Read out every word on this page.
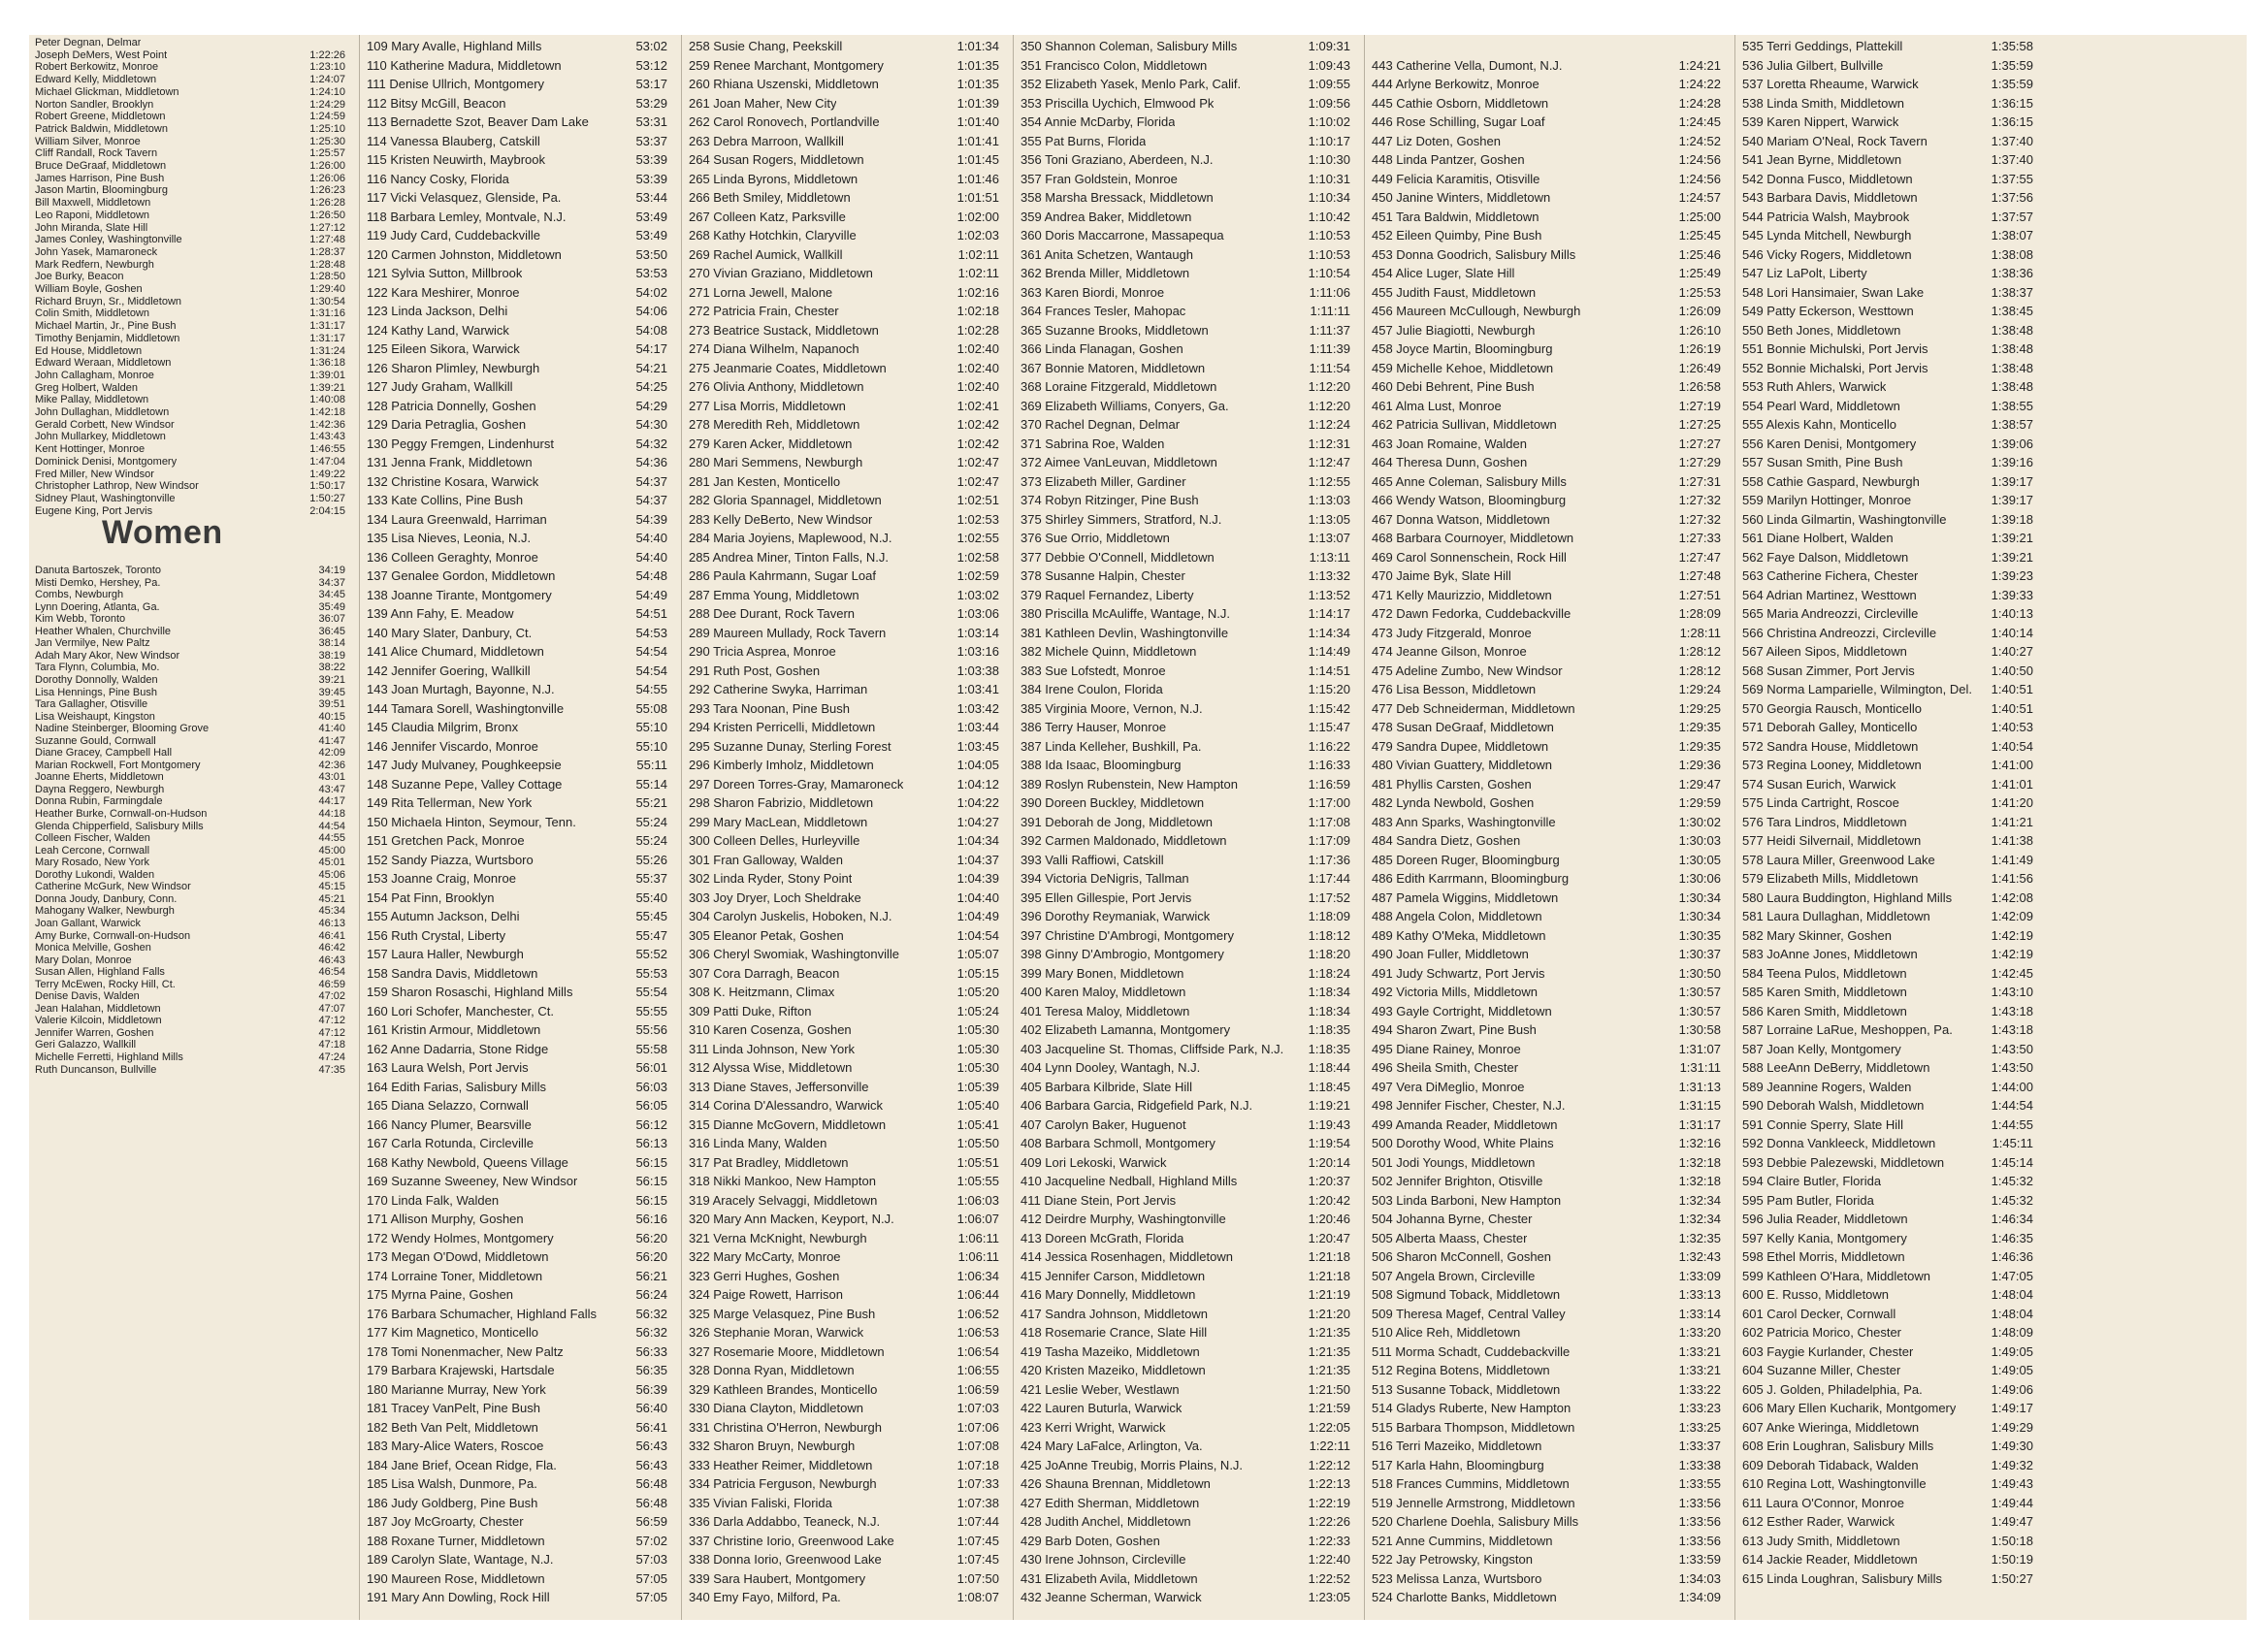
Peter Degnan, Delmar
Joseph DeMers, West Point	1:22:26
Robert Berkowitz, Monroe	1:23:10
Edward Kelly, Middletown	1:24:07
Michael Glickman, Middletown	1:24:10
Norton Sandler, Brooklyn	1:24:29
Robert Greene, Middletown	1:24:59
Patrick Baldwin, Middletown	1:25:10
William Silver, Monroe	1:25:30
Cliff Randall, Rock Tavern	1:25:57
Bruce DeGraaf, Middletown	1:26:00
James Harrison, Pine Bush	1:26:06
Jason Martin, Bloomingburg	1:26:23
Bill Maxwell, Middletown	1:26:28
Leo Raponi, Middletown	1:26:50
John Miranda, Slate Hill	1:27:12
James Conley, Washingtonville	1:27:48
John Yasek, Mamaroneck	1:28:37
Mark Redfern, Newburgh	1:28:48
Joe Burky, Beacon	1:28:50
William Boyle, Goshen	1:29:40
Richard Bruyn, Sr., Middletown	1:30:54
Colin Smith, Middletown	1:31:16
Michael Martin, Jr., Pine Bush	1:31:17
Timothy Benjamin, Middletown	1:31:17
Ed House, Middletown	1:31:24
Edward Weraan, Middletown	1:36:18
John Callagham, Monroe	1:39:01
Greg Holbert, Walden	1:39:21
Mike Pallay, Middletown	1:40:08
John Dullaghan, Middletown	1:42:18
Gerald Corbett, New Windsor	1:42:36
John Mullarkey, Middletown	1:43:43
Kent Hottinger, Monroe	1:46:55
Dominick Denisi, Montgomery	1:47:04
Fred Miller, New Windsor	1:49:22
Christopher Lathrop, New Windsor	1:50:17
Sidney Plaut, Washingtonville	1:50:27
Eugene King, Port Jervis	2:04:15
Women
Danuta Bartoszek, Toronto	34:19
Misti Demko, Hershey, Pa.	34:37
Combs, Newburgh	34:45
Lynn Doering, Atlanta, Ga.	35:49
Kim Webb, Toronto	36:07
Heather Whalen, Churchville	36:45
Jan Vermilye, New Paltz	38:14
Adah Mary Akor, New Windsor	38:19
Tara Flynn, Columbia, Mo.	38:22
Dorothy Donnolly, Walden	39:21
Lisa Hennings, Pine Bush	39:45
Tara Gallagher, Otisville	39:51
Lisa Weishaupt, Kingston	40:15
Nadine Steinberger, Blooming Grove	41:40
Suzanne Gould, Cornwall	41:47
Diane Gracey, Campbell Hall	42:09
Marian Rockwell, Fort Montgomery	42:36
Joanne Eherts, Middletown	43:01
Dayna Reggero, Newburgh	43:47
Donna Rubin, Farmingdale	44:17
Heather Burke, Cornwall-on-Hudson	44:18
Glenda Chipperfield, Salisbury Mills	44:54
Colleen Fischer, Walden	44:55
Leah Cercone, Cornwall	45:00
Mary Rosado, New York	45:01
Dorothy Lukondi, Walden	45:06
Catherine McGurk, New Windsor	45:15
Donna Joudy, Danbury, Conn.	45:21
Mahogany Walker, Newburgh	45:34
Joan Gallant, Warwick	46:13
Amy Burke, Cornwall-on-Hudson	46:41
Monica Melville, Goshen	46:42
Mary Dolan, Monroe	46:43
Susan Allen, Highland Falls	46:54
Terry McEwen, Rocky Hill, Ct.	46:59
Denise Davis, Walden	47:02
Jean Halahan, Middletown	47:07
Valerie Kilcoin, Middletown	47:12
Jennifer Warren, Goshen	47:12
Geri Galazzo, Wallkill	47:18
Michelle Ferretti, Highland Mills	47:24
Ruth Duncanson, Bullville	47:35
109 Mary Avalle, Highland Mills	53:02
110 Katherine Madura, Middletown	53:12
111 Denise Ullrich, Montgomery	53:17
112 Bitsy McGill, Beacon	53:29
113 Bernadette Szot, Beaver Dam Lake	53:31
114 Vanessa Blauberg, Catskill	53:37
115 Kristen Neuwirth, Maybrook	53:39
116 Nancy Cosky, Florida	53:39
117 Vicki Velasquez, Glenside, Pa.	53:44
118 Barbara Lemley, Montvale, N.J.	53:49
119 Judy Card, Cuddebackville	53:49
120 Carmen Johnston, Middletown	53:50
121 Sylvia Sutton, Millbrook	53:53
122 Kara Meshirer, Monroe	54:02
123 Linda Jackson, Delhi	54:06
124 Kathy Land, Warwick	54:08
125 Eileen Sikora, Warwick	54:17
126 Sharon Plimley, Newburgh	54:21
127 Judy Graham, Wallkill	54:25
128 Patricia Donnelly, Goshen	54:29
129 Daria Petraglia, Goshen	54:30
130 Peggy Fremgen, Lindenhurst	54:32
131 Jenna Frank, Middletown	54:36
132 Christine Kosara, Warwick	54:37
133 Kate Collins, Pine Bush	54:37
134 Laura Greenwald, Harriman	54:39
135 Lisa Nieves, Leonia, N.J.	54:40
136 Colleen Geraghty, Monroe	54:40
137 Genalee Gordon, Middletown	54:48
138 Joanne Tirante, Montgomery	54:49
139 Ann Fahy, E. Meadow	54:51
140 Mary Slater, Danbury, Ct.	54:53
141 Alice Chumard, Middletown	54:54
142 Jennifer Goering, Wallkill	54:54
143 Joan Murtagh, Bayonne, N.J.	54:55
144 Tamara Sorell, Washingtonville	55:08
145 Claudia Milgrim, Bronx	55:10
146 Jennifer Viscardo, Monroe	55:10
147 Judy Mulvaney, Poughkeepsie	55:11
148 Suzanne Pepe, Valley Cottage	55:14
149 Rita Tellerman, New York	55:21
150 Michaela Hinton, Seymour, Tenn.	55:24
151 Gretchen Pack, Monroe	55:24
152 Sandy Piazza, Wurtsboro	55:26
153 Joanne Craig, Monroe	55:37
154 Pat Finn, Brooklyn	55:40
155 Autumn Jackson, Delhi	55:45
156 Ruth Crystal, Liberty	55:47
157 Laura Haller, Newburgh	55:52
158 Sandra Davis, Middletown	55:53
159 Sharon Rosaschi, Highland Mills	55:54
160 Lori Schofer, Manchester, Ct.	55:55
161 Kristin Armour, Middletown	55:56
162 Anne Dadarria, Stone Ridge	55:58
163 Laura Welsh, Port Jervis	56:01
164 Edith Farias, Salisbury Mills	56:03
165 Diana Selazzo, Cornwall	56:05
166 Nancy Plumer, Bearsville	56:12
167 Carla Rotunda, Circleville	56:13
168 Kathy Newbold, Queens Village	56:15
169 Suzanne Sweeney, New Windsor	56:15
170 Linda Falk, Walden	56:15
171 Allison Murphy, Goshen	56:16
172 Wendy Holmes, Montgomery	56:20
173 Megan O'Dowd, Middletown	56:20
174 Lorraine Toner, Middletown	56:21
175 Myrna Paine, Goshen	56:24
176 Barbara Schumacher, Highland Falls	56:32
177 Kim Magnetico, Monticello	56:32
178 Tomi Nonenmacher, New Paltz	56:33
179 Barbara Krajewski, Hartsdale	56:35
180 Marianne Murray, New York	56:39
181 Tracey VanPelt, Pine Bush	56:40
182 Beth Van Pelt, Middletown	56:41
183 Mary-Alice Waters, Roscoe	56:43
184 Jane Brief, Ocean Ridge, Fla.	56:43
185 Lisa Walsh, Dunmore, Pa.	56:48
186 Judy Goldberg, Pine Bush	56:48
187 Joy McGroarty, Chester	56:59
188 Roxane Turner, Middletown	57:02
189 Carolyn Slate, Wantage, N.J.	57:03
190 Maureen Rose, Middletown	57:05
191 Mary Ann Dowling, Rock Hill	57:05
258 Susie Chang, Peekskill	1:01:34
259 Renee Marchant, Montgomery	1:01:35
260 Rhiana Uszenski, Middletown	1:01:35
261 Joan Maher, New City	1:01:39
262 Carol Ronovech, Portlandville	1:01:40
263 Debra Marroon, Wallkill	1:01:41
264 Susan Rogers, Middletown	1:01:45
265 Linda Byrons, Middletown	1:01:46
266 Beth Smiley, Middletown	1:01:51
267 Colleen Katz, Parksville	1:02:00
268 Kathy Hotchkin, Claryville	1:02:03
269 Rachel Aumick, Wallkill	1:02:11
270 Vivian Graziano, Middletown	1:02:11
271 Lorna Jewell, Malone	1:02:16
272 Patricia Frain, Chester	1:02:18
273 Beatrice Sustack, Middletown	1:02:28
274 Diana Wilhelm, Napanoch	1:02:40
275 Jeanmarie Coates, Middletown	1:02:40
276 Olivia Anthony, Middletown	1:02:40
277 Lisa Morris, Middletown	1:02:41
278 Meredith Reh, Middletown	1:02:42
279 Karen Acker, Middletown	1:02:42
280 Mari Semmens, Newburgh	1:02:47
281 Jan Kesten, Monticello	1:02:47
282 Gloria Spannagel, Middletown	1:02:51
283 Kelly DeBerto, New Windsor	1:02:53
284 Maria Joyiens, Maplewood, N.J.	1:02:55
285 Andrea Miner, Tinton Falls, N.J.	1:02:58
286 Paula Kahrmann, Sugar Loaf	1:02:59
287 Emma Young, Middletown	1:03:02
288 Dee Durant, Rock Tavern	1:03:06
289 Maureen Mullady, Rock Tavern	1:03:14
290 Tricia Asprea, Monroe	1:03:16
291 Ruth Post, Goshen	1:03:38
292 Catherine Swyka, Harriman	1:03:41
293 Tara Noonan, Pine Bush	1:03:42
294 Kristen Perricelli, Middletown	1:03:44
295 Suzanne Dunay, Sterling Forest	1:03:45
296 Kimberly Imholz, Middletown	1:04:05
297 Doreen Torres-Gray, Mamaroneck	1:04:12
298 Sharon Fabrizio, Middletown	1:04:22
299 Mary MacLean, Middletown	1:04:27
300 Colleen Delles, Hurleyville	1:04:34
301 Fran Galloway, Walden	1:04:37
302 Linda Ryder, Stony Point	1:04:39
303 Joy Dryer, Loch Sheldrake	1:04:40
304 Carolyn Juskelis, Hoboken, N.J.	1:04:49
305 Eleanor Petak, Goshen	1:04:54
306 Cheryl Swomiak, Washingtonville	1:05:07
307 Cora Darragh, Beacon	1:05:15
308 K. Heitzmann, Climax	1:05:20
309 Patti Duke, Rifton	1:05:24
310 Karen Cosenza, Goshen	1:05:30
311 Linda Johnson, New York	1:05:30
312 Alyssa Wise, Middletown	1:05:30
313 Diane Staves, Jeffersonville	1:05:39
314 Corina D'Alessandro, Warwick	1:05:40
315 Dianne McGovern, Middletown	1:05:41
316 Linda Many, Walden	1:05:50
317 Pat Bradley, Middletown	1:05:51
318 Nikki Mankoo, New Hampton	1:05:55
319 Aracely Selvaggi, Middletown	1:06:03
320 Mary Ann Macken, Keyport, N.J.	1:06:07
321 Verna McKnight, Newburgh	1:06:11
322 Mary McCarty, Monroe	1:06:11
323 Gerri Hughes, Goshen	1:06:34
324 Paige Rowett, Harrison	1:06:44
325 Marge Velasquez, Pine Bush	1:06:52
326 Stephanie Moran, Warwick	1:06:53
327 Rosemarie Moore, Middletown	1:06:54
328 Donna Ryan, Middletown	1:06:55
329 Kathleen Brandes, Monticello	1:06:59
330 Diana Clayton, Middletown	1:07:03
331 Christina O'Herron, Newburgh	1:07:06
332 Sharon Bruyn, Newburgh	1:07:08
333 Heather Reimer, Middletown	1:07:18
334 Patricia Ferguson, Newburgh	1:07:33
335 Vivian Faliski, Florida	1:07:38
336 Darla Addabbo, Teaneck, N.J.	1:07:44
337 Christine Iorio, Greenwood Lake	1:07:45
338 Donna Iorio, Greenwood Lake	1:07:45
339 Sara Haubert, Montgomery	1:07:50
340 Emy Fayo, Milford, Pa.	1:08:07
350 Shannon Coleman, Salisbury Mills	1:09:31
351 Francisco Colon, Middletown	1:09:43
352 Elizabeth Yasek, Menlo Park, Calif.	1:09:55
353 Priscilla Uychich, Elmwood Pk	1:09:56
354 Annie McDarby, Florida	1:10:02
355 Pat Burns, Florida	1:10:17
356 Toni Graziano, Aberdeen, N.J.	1:10:30
357 Fran Goldstein, Monroe	1:10:31
358 Marsha Bressack, Middletown	1:10:34
359 Andrea Baker, Middletown	1:10:42
360 Doris Maccarrone, Massapequa	1:10:53
361 Anita Schetzen, Wantaugh	1:10:53
362 Brenda Miller, Middletown	1:10:54
363 Karen Biordi, Monroe	1:11:06
364 Frances Tesler, Mahopac	1:11:11
365 Suzanne Brooks, Middletown	1:11:37
366 Linda Flanagan, Goshen	1:11:39
367 Bonnie Matoren, Middletown	1:11:54
368 Loraine Fitzgerald, Middletown	1:12:20
369 Elizabeth Williams, Conyers, Ga.	1:12:20
370 Rachel Degnan, Delmar	1:12:24
371 Sabrina Roe, Walden	1:12:31
372 Aimee VanLeuvan, Middletown	1:12:47
373 Elizabeth Miller, Gardiner	1:12:55
374 Robyn Ritzinger, Pine Bush	1:13:03
375 Shirley Simmers, Stratford, N.J.	1:13:05
376 Sue Orrio, Middletown	1:13:07
377 Debbie O'Connell, Middletown	1:13:11
378 Susanne Halpin, Chester	1:13:32
379 Raquel Fernandez, Liberty	1:13:52
380 Priscilla McAuliffe, Wantage, N.J.	1:14:17
381 Kathleen Devlin, Washingtonville	1:14:34
382 Michele Quinn, Middletown	1:14:49
383 Sue Lofstedt, Monroe	1:14:51
384 Irene Coulon, Florida	1:15:20
385 Virginia Moore, Vernon, N.J.	1:15:42
386 Terry Hauser, Monroe	1:15:47
387 Linda Kelleher, Bushkill, Pa.	1:16:22
388 Ida Isaac, Bloomingburg	1:16:33
389 Roslyn Rubenstein, New Hampton	1:16:59
390 Doreen Buckley, Middletown	1:17:00
391 Deborah de Jong, Middletown	1:17:08
392 Carmen Maldonado, Middletown	1:17:09
393 Valli Raffiowi, Catskill	1:17:36
394 Victoria DeNigris, Tallman	1:17:44
395 Ellen Gillespie, Port Jervis	1:17:52
396 Dorothy Reymaniak, Warwick	1:18:09
397 Christine D'Ambrogi, Montgomery	1:18:12
398 Ginny D'Ambrogio, Montgomery	1:18:20
399 Mary Bonen, Middletown	1:18:24
400 Karen Maloy, Middletown	1:18:34
401 Teresa Maloy, Middletown	1:18:34
402 Elizabeth Lamanna, Montgomery	1:18:35
403 Jacqueline St. Thomas, Cliffside Park, N.J. 1:18:35
404 Lynn Dooley, Wantagh, N.J.	1:18:44
405 Barbara Kilbride, Slate Hill	1:18:45
406 Barbara Garcia, Ridgefield Park, N.J.	1:19:21
407 Carolyn Baker, Huguenot	1:19:43
408 Barbara Schmoll, Montgomery	1:19:54
409 Lori Lekoski, Warwick	1:20:14
410 Jacqueline Nedball, Highland Mills	1:20:37
411 Diane Stein, Port Jervis	1:20:42
412 Deirdre Murphy, Washingtonville	1:20:46
413 Doreen McGrath, Florida	1:20:47
414 Jessica Rosenhagen, Middletown	1:21:18
415 Jennifer Carson, Middletown	1:21:18
416 Mary Donnelly, Middletown	1:21:19
417 Sandra Johnson, Middletown	1:21:20
418 Rosemarie Crance, Slate Hill	1:21:35
419 Tasha Mazeiko, Middletown	1:21:35
420 Kristen Mazeiko, Middletown	1:21:35
421 Leslie Weber, Westlawn	1:21:50
422 Lauren Buturla, Warwick	1:21:59
423 Kerri Wright, Warwick	1:22:05
424 Mary LaFalce, Arlington, Va.	1:22:11
425 JoAnne Treubig, Morris Plains, N.J.	1:22:12
426 Shauna Brennan, Middletown	1:22:13
427 Edith Sherman, Middletown	1:22:19
428 Judith Anchel, Middletown	1:22:26
429 Barb Doten, Goshen	1:22:33
430 Irene Johnson, Circleville	1:22:40
431 Elizabeth Avila, Middletown	1:22:52
432 Jeanne Scherman, Warwick	1:23:05
443 Catherine Vella, Dumont, N.J.	1:24:21
444 Arlyne Berkowitz, Monroe	1:24:22
445 Cathie Osborn, Middletown	1:24:28
446 Rose Schilling, Sugar Loaf	1:24:45
447 Liz Doten, Goshen	1:24:52
448 Linda Pantzer, Goshen	1:24:56
449 Felicia Karamitis, Otisville	1:24:56
450 Janine Winters, Middletown	1:24:57
451 Tara Baldwin, Middletown	1:25:00
452 Eileen Quimby, Pine Bush	1:25:45
453 Donna Goodrich, Salisbury Mills	1:25:46
454 Alice Luger, Slate Hill	1:25:49
455 Judith Faust, Middletown	1:25:53
456 Maureen McCullough, Newburgh	1:26:09
457 Julie Biagiotti, Newburgh	1:26:10
458 Joyce Martin, Bloomingburg	1:26:19
459 Michelle Kehoe, Middletown	1:26:49
460 Debi Behrent, Pine Bush	1:26:58
461 Alma Lust, Monroe	1:27:19
462 Patricia Sullivan, Middletown	1:27:25
463 Joan Romaine, Walden	1:27:27
464 Theresa Dunn, Goshen	1:27:29
465 Anne Coleman, Salisbury Mills	1:27:31
466 Wendy Watson, Bloomingburg	1:27:32
467 Donna Watson, Middletown	1:27:32
468 Barbara Cournoyer, Middletown	1:27:33
469 Carol Sonnenschein, Rock Hill	1:27:47
470 Jaime Byk, Slate Hill	1:27:48
471 Kelly Maurizzio, Middletown	1:27:51
472 Dawn Fedorka, Cuddebackville	1:28:09
473 Judy Fitzgerald, Monroe	1:28:11
474 Jeanne Gilson, Monroe	1:28:12
475 Adeline Zumbo, New Windsor	1:28:12
476 Lisa Besson, Middletown	1:29:24
477 Deb Schneiderman, Middletown	1:29:25
478 Susan DeGraaf, Middletown	1:29:35
479 Sandra Dupee, Middletown	1:29:35
480 Vivian Guattery, Middletown	1:29:36
481 Phyllis Carsten, Goshen	1:29:47
482 Lynda Newbold, Goshen	1:29:59
483 Ann Sparks, Washingtonville	1:30:02
484 Sandra Dietz, Goshen	1:30:03
485 Doreen Ruger, Bloomingburg	1:30:05
486 Edith Karrmann, Bloomingburg	1:30:06
487 Pamela Wiggins, Middletown	1:30:34
488 Angela Colon, Middletown	1:30:34
489 Kathy O'Meka, Middletown	1:30:35
490 Joan Fuller, Middletown	1:30:37
491 Judy Schwartz, Port Jervis	1:30:50
492 Victoria Mills, Middletown	1:30:57
493 Gayle Cortright, Middletown	1:30:57
494 Sharon Zwart, Pine Bush	1:30:58
495 Diane Rainey, Monroe	1:31:07
496 Sheila Smith, Chester	1:31:11
497 Vera DiMeglio, Monroe	1:31:13
498 Jennifer Fischer, Chester, N.J.	1:31:15
499 Amanda Reader, Middletown	1:31:17
500 Dorothy Wood, White Plains	1:32:16
501 Jodi Youngs, Middletown	1:32:18
502 Jennifer Brighton, Otisville	1:32:18
503 Linda Barboni, New Hampton	1:32:34
504 Johanna Byrne, Chester	1:32:34
505 Alberta Maass, Chester	1:32:35
506 Sharon McConnell, Goshen	1:32:43
507 Angela Brown, Circleville	1:33:09
508 Sigmund Toback, Middletown	1:33:13
509 Theresa Magef, Central Valley	1:33:14
510 Alice Reh, Middletown	1:33:20
511 Morma Schadt, Cuddebackville	1:33:21
512 Regina Botens, Middletown	1:33:21
513 Susanne Toback, Middletown	1:33:22
514 Gladys Ruberte, New Hampton	1:33:23
515 Barbara Thompson, Middletown	1:33:25
516 Terri Mazeiko, Middletown	1:33:37
517 Karla Hahn, Bloomingburg	1:33:38
518 Frances Cummins, Middletown	1:33:55
519 Jennelle Armstrong, Middletown	1:33:56
520 Charlene Doehla, Salisbury Mills	1:33:56
521 Anne Cummins, Middletown	1:33:56
522 Jay Petrowsky, Kingston	1:33:59
523 Melissa Lanza, Wurtsboro	1:34:03
524 Charlotte Banks, Middletown	1:34:09
535 Terri Geddings, Plattekill	1:35:58
536 Julia Gilbert, Bullville	1:35:59
537 Loretta Rheaume, Warwick	1:35:59
538 Linda Smith, Middletown	1:36:15
539 Karen Nippert, Warwick	1:36:15
540 Mariam O'Neal, Rock Tavern	1:37:40
541 Jean Byrne, Middletown	1:37:40
542 Donna Fusco, Middletown	1:37:55
543 Barbara Davis, Middletown	1:37:56
544 Patricia Walsh, Maybrook	1:37:57
545 Lynda Mitchell, Newburgh	1:38:07
546 Vicky Rogers, Middletown	1:38:08
547 Liz LaPolt, Liberty	1:38:36
548 Lori Hansimaier, Swan Lake	1:38:37
549 Patty Eckerson, Westtown	1:38:45
550 Beth Jones, Middletown	1:38:48
551 Bonnie Michulski, Port Jervis	1:38:48
552 Bonnie Michalski, Port Jervis	1:38:48
553 Ruth Ahlers, Warwick	1:38:48
554 Pearl Ward, Middletown	1:38:55
555 Alexis Kahn, Monticello	1:38:57
556 Karen Denisi, Montgomery	1:39:06
557 Susan Smith, Pine Bush	1:39:16
558 Cathie Gaspard, Newburgh	1:39:17
559 Marilyn Hottinger, Monroe	1:39:17
560 Linda Gilmartin, Washingtonville	1:39:18
561 Diane Holbert, Walden	1:39:21
562 Faye Dalson, Middletown	1:39:21
563 Catherine Fichera, Chester	1:39:23
564 Adrian Martinez, Westtown	1:39:33
565 Maria Andreozzi, Circleville	1:40:13
566 Christina Andreozzi, Circleville	1:40:14
567 Aileen Sipos, Middletown	1:40:27
568 Susan Zimmer, Port Jervis	1:40:50
569 Norma Lamparielle, Wilmington, Del. 1:40:51
570 Georgia Rausch, Monticello	1:40:51
571 Deborah Galley, Monticello	1:40:53
572 Sandra House, Middletown	1:40:54
573 Regina Looney, Middletown	1:41:00
574 Susan Eurich, Warwick	1:41:01
575 Linda Cartright, Roscoe	1:41:20
576 Tara Lindros, Middletown	1:41:21
577 Heidi Silvernail, Middletown	1:41:38
578 Laura Miller, Greenwood Lake	1:41:49
579 Elizabeth Mills, Middletown	1:41:56
580 Laura Buddington, Highland Mills	1:42:08
581 Laura Dullaghan, Middletown	1:42:09
582 Mary Skinner, Goshen	1:42:19
583 JoAnne Jones, Middletown	1:42:19
584 Teena Pulos, Middletown	1:42:45
585 Karen Smith, Middletown	1:43:10
586 Karen Smith, Middletown	1:43:18
587 Lorraine LaRue, Meshoppen, Pa.	1:43:18
587 Joan Kelly, Montgomery	1:43:50
588 LeeAnn DeBerry, Middletown	1:43:50
589 Jeannine Rogers, Walden	1:44:00
590 Deborah Walsh, Middletown	1:44:54
591 Connie Sperry, Slate Hill	1:44:55
592 Donna Vankleeck, Middletown	1:45:11
593 Debbie Palezewski, Middletown	1:45:14
594 Claire Butler, Florida	1:45:32
595 Pam Butler, Florida	1:45:32
596 Julia Reader, Middletown	1:46:34
597 Kelly Kania, Montgomery	1:46:35
598 Ethel Morris, Middletown	1:46:36
599 Kathleen O'Hara, Middletown	1:47:05
600 E. Russo, Middletown	1:48:04
601 Carol Decker, Cornwall	1:48:04
602 Patricia Morico, Chester	1:48:09
603 Faygie Kurlander, Chester	1:49:05
604 Suzanne Miller, Chester	1:49:05
605 J. Golden, Philadelphia, Pa.	1:49:06
606 Mary Ellen Kucharik, Montgomery	1:49:17
607 Anke Wieringa, Middletown	1:49:29
608 Erin Loughran, Salisbury Mills	1:49:30
609 Deborah Tidaback, Walden	1:49:32
610 Regina Lott, Washingtonville	1:49:43
611 Laura O'Connor, Monroe	1:49:44
612 Esther Rader, Warwick	1:49:47
613 Judy Smith, Middletown	1:50:18
614 Jackie Reader, Middletown	1:50:19
615 Linda Loughran, Salisbury Mills	1:50:27
